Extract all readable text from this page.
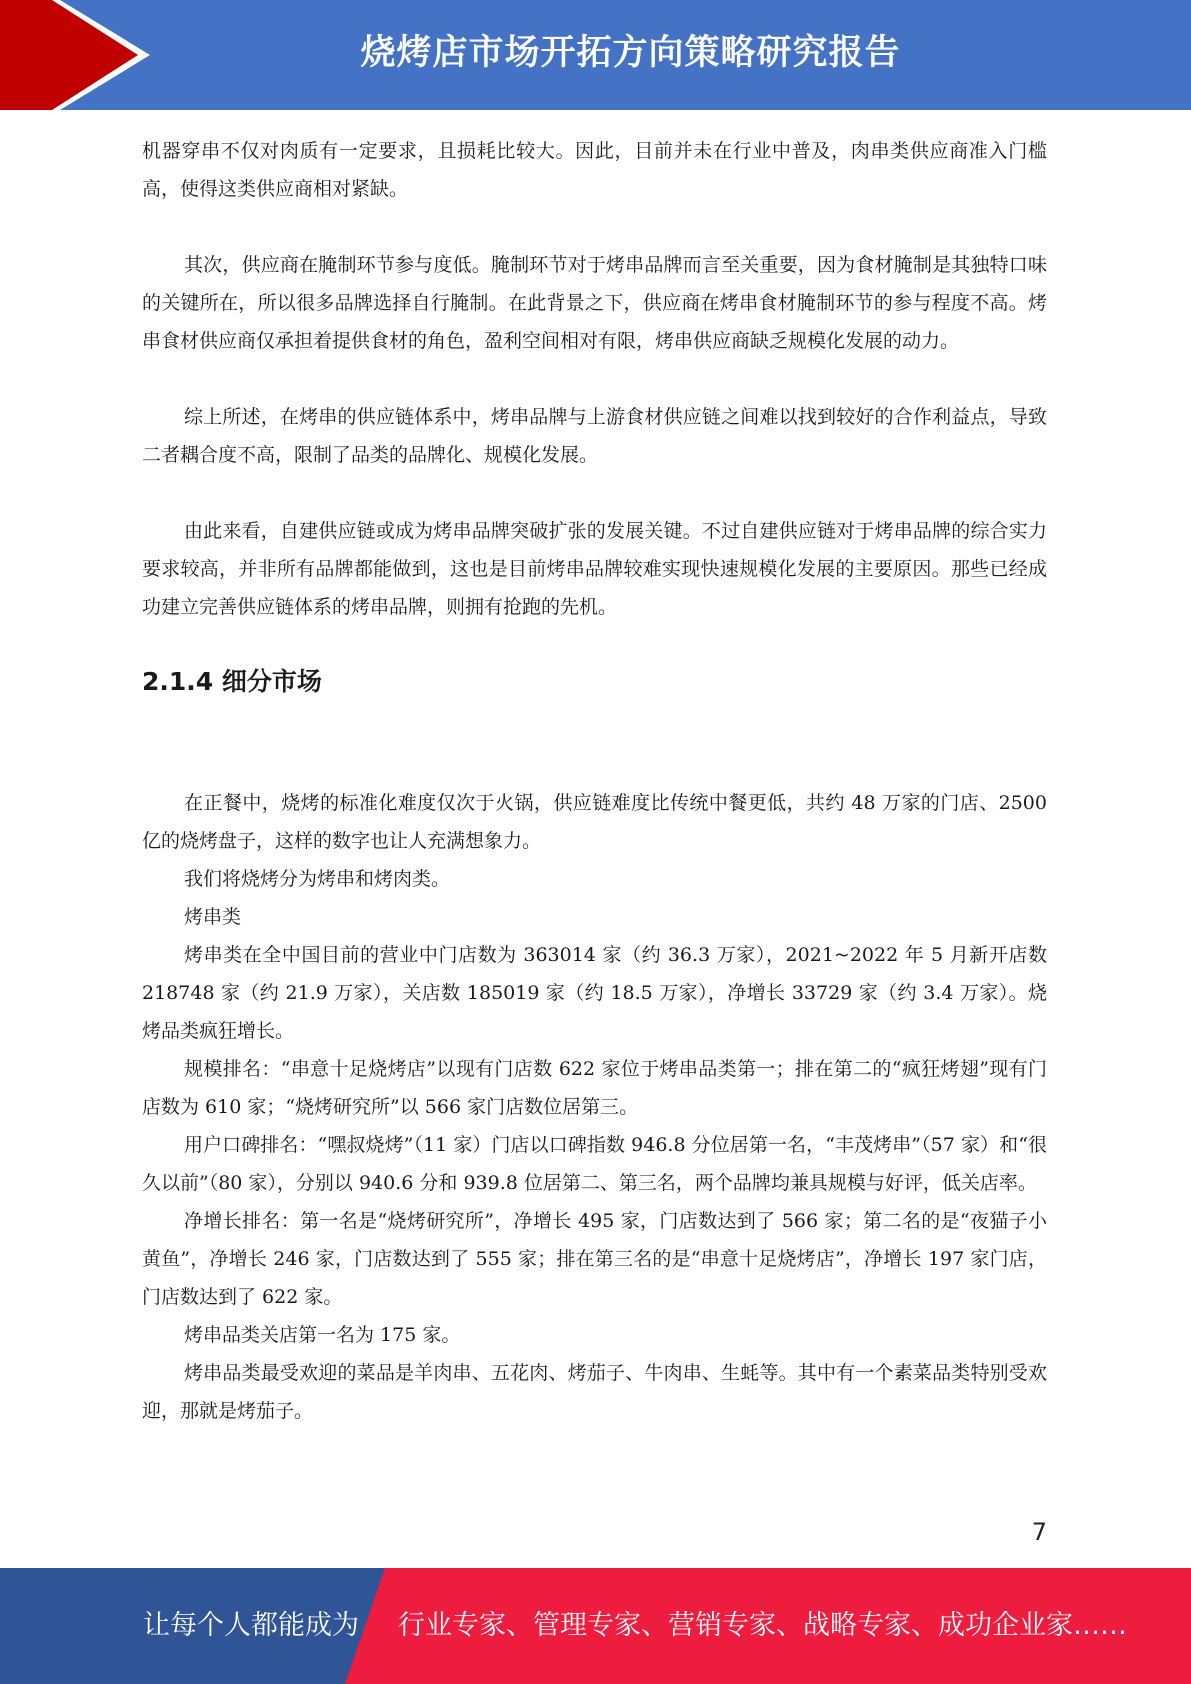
烧烤店市场开拓方向策略研究报告

机器穿串不仅对肉质有一定要求，且损耗比较大。因此，目前并未在行业中普及，肉串类供应商准入门槛高，使得这类供应商相对紧缺。

其次，供应商在腌制环节参与度低。腌制环节对于烤串品牌而言至关重要，因为食材腌制是其独特口味的关键所在，所以很多品牌选择自行腌制。在此背景之下，供应商在烤串食材腌制环节的参与程度不高。烤串食材供应商仅承担着提供食材的角色，盈利空间相对有限，烤串供应商缺乏规模化发展的动力。

综上所述，在烤串的供应链体系中，烤串品牌与上游食材供应链之间难以找到较好的合作利益点，导致二者耦合度不高，限制了品类的品牌化、规模化发展。

由此来看，自建供应链或成为烤串品牌突破扩张的发展关键。不过自建供应链对于烤串品牌的综合实力要求较高，并非所有品牌都能做到，这也是目前烤串品牌较难实现快速规模化发展的主要原因。那些已经成功建立完善供应链体系的烤串品牌，则拥有抢跑的先机。

2.1.4 细分市场

在正餐中，烧烤的标准化难度仅次于火锅，供应链难度比传统中餐更低，共约 48 万家的门店、2500 亿的烧烤盘子，这样的数字也让人充满想象力。

我们将烧烤分为烤串和烤肉类。

烤串类

烤串类在全中国目前的营业中门店数为 363014 家（约 36.3 万家），2021~2022 年 5 月新开店数 218748 家（约 21.9 万家），关店数 185019 家（约 18.5 万家），净增长 33729 家（约 3.4 万家）。烧烤品类疯狂增长。

规模排名：“串意十足烧烤店”以现有门店数 622 家位于烤串品类第一；排在第二的“疯狂烤翅”现有门店数为 610 家；“烧烤研究所”以 566 家门店数位居第三。

用户口碑排名：“嘿叔烧烤”（11 家）门店以口碑指数 946.8 分位居第一名，“丰茂烤串”（57 家）和“很久以前”（80 家），分别以 940.6 分和 939.8 位居第二、第三名，两个品牌均兼具规模与好评，低关店率。

净增长排名：第一名是“烧烤研究所”，净增长 495 家，门店数达到了 566 家；第二名的是“夜猫子小黄鱼”，净增长 246 家，门店数达到了 555 家；排在第三名的是“串意十足烧烤店”，净增长 197 家门店，门店数达到了 622 家。

烤串品类关店第一名为 175 家。

烤串品类最受欢迎的菜品是羊肉串、五花肉、烤茄子、牛肉串、生蚝等。其中有一个素菜品类特别受欢迎，那就是烤茄子。

7
让每个人都能成为 行业专家、管理专家、营销专家、战略专家、成功企业家……
